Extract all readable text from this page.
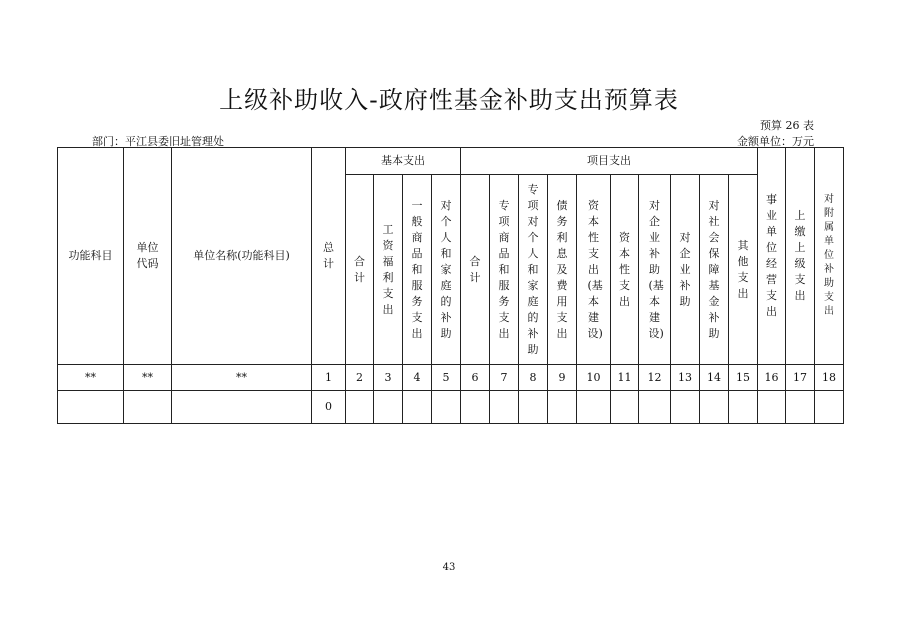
上级补助收入-政府性基金补助支出预算表
预算 26 表
部门：平江县委旧址管理处	金额单位：万元
功能科目	单位代码	单位名称(功能科目)	总计	基本支出				项目支出										事业单位经营支出	上缴上级支出	对附属单位补助支出
				合计	工资福利支出	一般商品和服务支出	对个人和家庭的补助	合计	专项商品和服务支出	专项对个人和家庭的补助	债务利息及费用支出	资本性支出(基本建设)	资本性支出	对企业补助(基本建设)	对企业补助	对社会保障基金补助	其他支出			
**	**	**	1	2	3	4	5	6	7	8	9	10	11	12	13	14	15	16	17	18
			0																	
43
